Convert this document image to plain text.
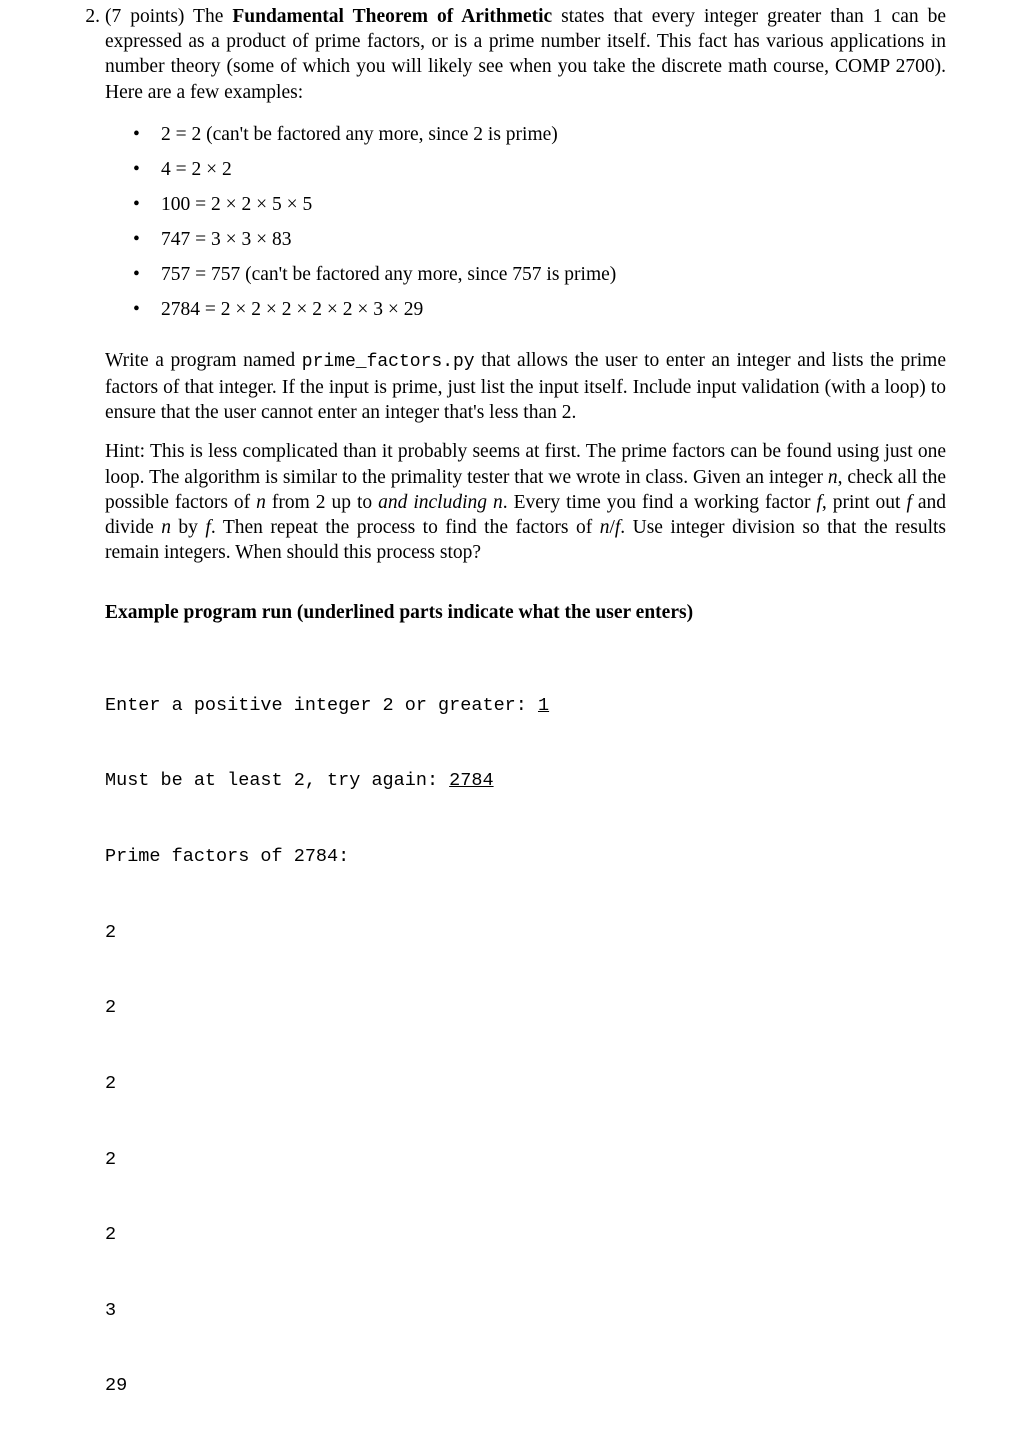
2. (7 points) The Fundamental Theorem of Arithmetic states that every integer greater than 1 can be expressed as a product of prime factors, or is a prime number itself. This fact has various applications in number theory (some of which you will likely see when you take the discrete math course, COMP 2700). Here are a few examples:

• 2 = 2 (can't be factored any more, since 2 is prime)
• 4 = 2 × 2
• 100 = 2 × 2 × 5 × 5
• 747 = 3 × 3 × 83
• 757 = 757 (can't be factored any more, since 757 is prime)
• 2784 = 2 × 2 × 2 × 2 × 2 × 3 × 29

Write a program named prime_factors.py that allows the user to enter an integer and lists the prime factors of that integer. If the input is prime, just list the input itself. Include input validation (with a loop) to ensure that the user cannot enter an integer that's less than 2.

Hint: This is less complicated than it probably seems at first. The prime factors can be found using just one loop. The algorithm is similar to the primality tester that we wrote in class. Given an integer n, check all the possible factors of n from 2 up to and including n. Every time you find a working factor f, print out f and divide n by f. Then repeat the process to find the factors of n/f. Use integer division so that the results remain integers. When should this process stop?

Example program run (underlined parts indicate what the user enters)

Enter a positive integer 2 or greater: 1

Must be at least 2, try again: 2784

Prime factors of 2784:

2

2

2

2

2

3

29
